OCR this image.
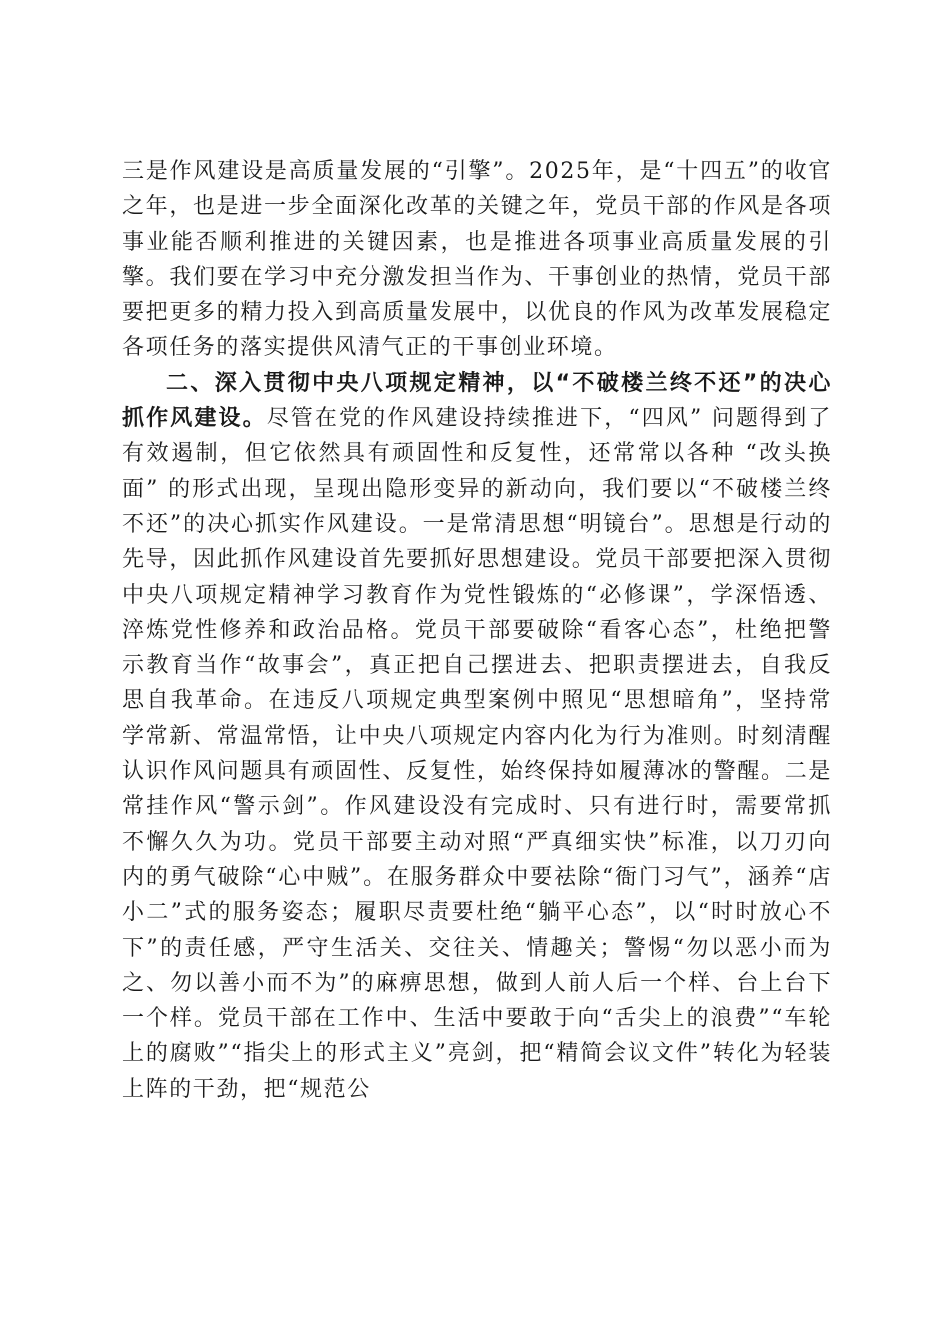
三是作风建设是高质量发展的“引擎”。2025年，是“十四五”的收官之年，也是进一步全面深化改革的关键之年，党员干部的作风是各项事业能否顺利推进的关键因素，也是推进各项事业高质量发展的引擎。我们要在学习中充分激发担当作为、干事创业的热情，党员干部要把更多的精力投入到高质量发展中，以优良的作风为改革发展稳定各项任务的落实提供风清气正的干事创业环境。

二、深入贯彻中央八项规定精神，以“不破楼兰终不还”的决心抓作风建设。尽管在党的作风建设持续推进下，“四风” 问题得到了有效遏制，但它依然具有顽固性和反复性，还常常以各种 “改头换面” 的形式出现，呈现出隐形变异的新动向，我们要以“不破楼兰终不还”的决心抓实作风建设。一是常清思想“明镜台”。思想是行动的先导，因此抓作风建设首先要抓好思想建设。党员干部要把深入贯彻中央八项规定精神学习教育作为党性锻炼的“必修课”，学深悟透、淬炼党性修养和政治品格。党员干部要破除“看客心态”，杜绝把警示教育当作“故事会”，真正把自己摆进去、把职责摆进去，自我反思自我革命。在违反八项规定典型案例中照见“思想暗角”，坚持常学常新、常温常悟，让中央八项规定内容内化为行为准则。时刻清醒认识作风问题具有顽固性、反复性，始终保持如履薄冰的警醒。二是常挂作风“警示剑”。作风建设没有完成时、只有进行时，需要常抓不懈久久为功。党员干部要主动对照“严真细实快”标准，以刀刃向内的勇气破除“心中贼”。在服务群众中要祛除“衙门习气”，涵养“店小二”式的服务姿态；履职尽责要杜绝“躺平心态”，以“时时放心不下”的责任感，严守生活关、交往关、情趣关；警惕“勿以恶小而为之、勿以善小而不为”的麻痹思想，做到人前人后一个样、台上台下一个样。党员干部在工作中、生活中要敢于向“舌尖上的浪费”“车轮上的腐败”“指尖上的形式主义”亮剑，把“精简会议文件”转化为轻装上阵的干劲，把“规范公
